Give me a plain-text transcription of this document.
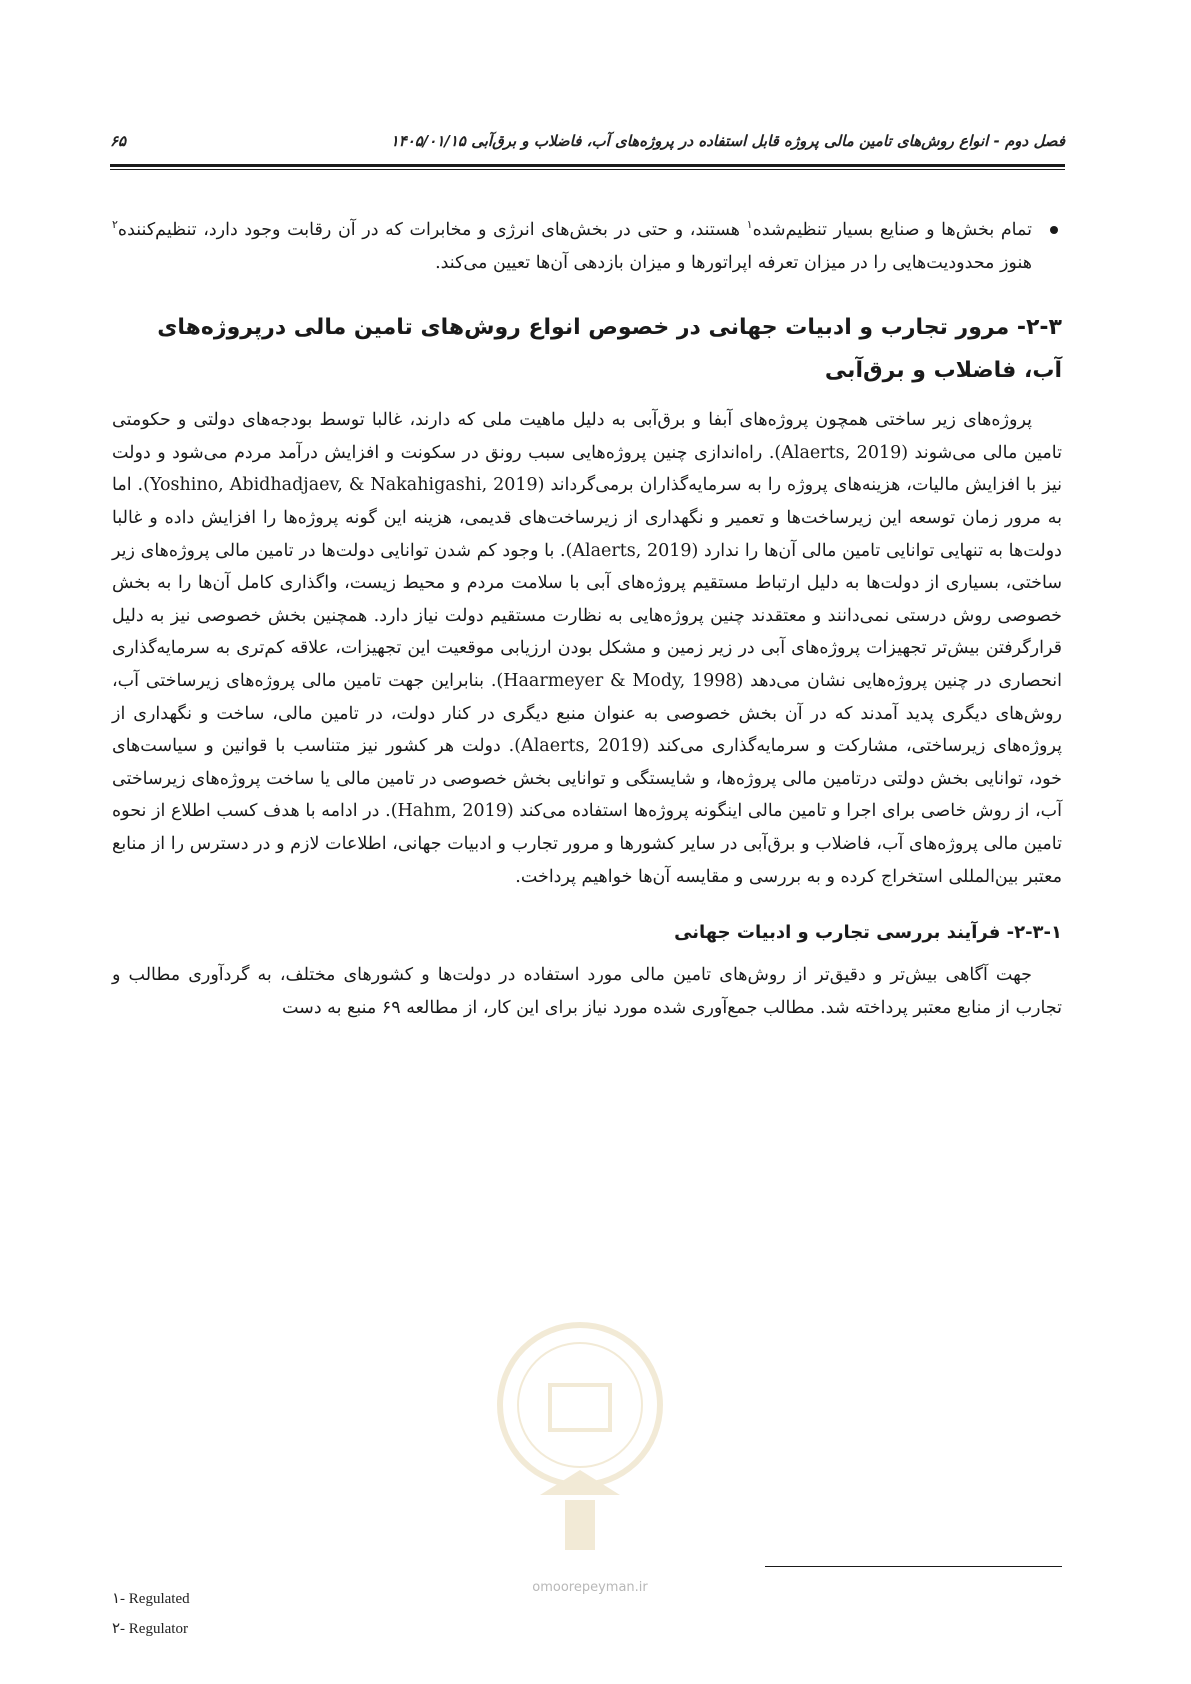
فصل دوم - انواع روش‌های تامین مالی پروژه قابل استفاده در پروژه‌های آب، فاضلاب و برق‌آبی ۱۴۰۵/۰۱/۱۵
۶۵

تمام بخش‌ها و صنایع بسیار تنظیم‌شده$^۱$ هستند، و حتی در بخش‌های انرژی و مخابرات که در آن رقابت وجود دارد، تنظیم‌کننده$^۲$ هنوز محدودیت‌هایی را در میزان تعرفه اپراتورها و میزان بازدهی آن‌ها تعیین می‌کند.

۲-۳- مرور تجارب و ادبیات جهانی در خصوص انواع روش‌های تامین مالی درپروژه‌های آب، فاضلاب و برق‌آبی

پروژه‌های زیر ساختی همچون پروژه‌های آبفا و برق‌آبی به دلیل ماهیت ملی که دارند، غالبا توسط بودجه‌های دولتی و حکومتی تامین مالی می‌شوند (Alaerts, 2019). راه‌اندازی چنین پروژه‌هایی سبب رونق در سکونت و افزایش درآمد مردم می‌شود و دولت نیز با افزایش مالیات، هزینه‌های پروژه را به سرمایه‌گذاران برمی‌گرداند (Yoshino, Abidhadjaev, & Nakahigashi, 2019). اما به مرور زمان توسعه این زیرساخت‌ها و تعمیر و نگهداری از زیرساخت‌های قدیمی، هزینه این گونه پروژه‌ها را افزایش داده و غالبا دولت‌ها به تنهایی توانایی تامین مالی آن‌ها را ندارد (Alaerts, 2019). با وجود کم شدن توانایی دولت‌ها در تامین مالی پروژه‌های زیر ساختی، بسیاری از دولت‌ها به دلیل ارتباط مستقیم پروژه‌های آبی با سلامت مردم و محیط زیست، واگذاری کامل آن‌ها را به بخش خصوصی روش درستی نمی‌دانند و معتقدند چنین پروژه‌هایی به نظارت مستقیم دولت نیاز دارد. همچنین بخش خصوصی نیز به دلیل قرارگرفتن بیش‌تر تجهیزات پروژه‌های آبی در زیر زمین و مشکل بودن ارزیابی موقعیت این تجهیزات، علاقه کم‌تری به سرمایه‌گذاری انحصاری در چنین پروژه‌هایی نشان می‌دهد (Haarmeyer & Mody, 1998). بنابراین جهت تامین مالی پروژه‌های زیرساختی آب، روش‌های دیگری پدید آمدند که در آن بخش خصوصی به عنوان منبع دیگری در کنار دولت، در تامین مالی، ساخت و نگهداری از پروژه‌های زیرساختی، مشارکت و سرمایه‌گذاری می‌کند (Alaerts, 2019). دولت هر کشور نیز متناسب با قوانین و سیاست‌های خود، توانایی بخش دولتی درتامین مالی پروژه‌ها، و شایستگی و توانایی بخش خصوصی در تامین مالی یا ساخت پروژه‌های زیرساختی آب، از روش خاصی برای اجرا و تامین مالی اینگونه پروژه‌ها استفاده می‌کند (Hahm, 2019). در ادامه با هدف کسب اطلاع از نحوه تامین مالی پروژه‌های آب، فاضلاب و برق‌آبی در سایر کشورها و مرور تجارب و ادبیات جهانی، اطلاعات لازم و در دسترس را از منابع معتبر بین‌المللی استخراج کرده و به بررسی و مقایسه آن‌ها خواهیم پرداخت.

۲-۳-۱- فرآیند بررسی تجارب و ادبیات جهانی

جهت آگاهی بیش‌تر و دقیق‌تر از روش‌های تامین مالی مورد استفاده در دولت‌ها و کشورهای مختلف، به گردآوری مطالب و تجارب از منابع معتبر پرداخته شد. مطالب جمع‌آوری شده مورد نیاز برای این کار، از مطالعه ۶۹ منبع به دست

omoorepeyman.ir
۱- Regulated
۲- Regulator
